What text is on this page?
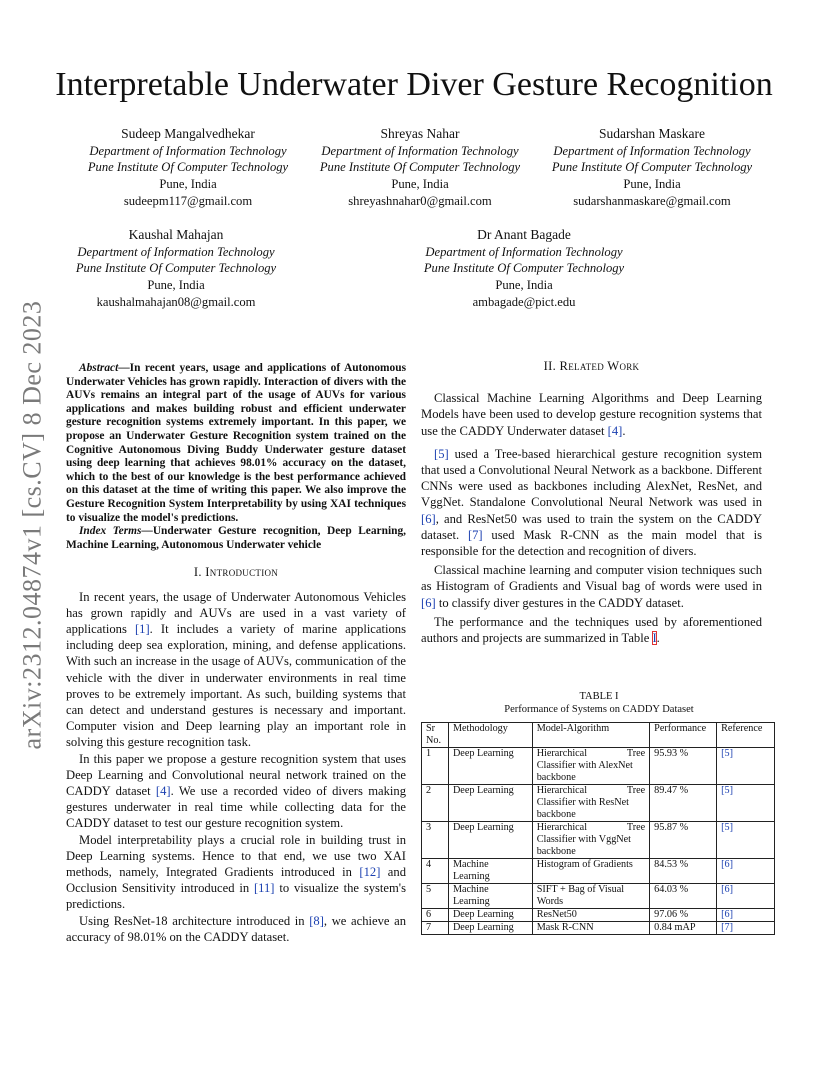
arXiv:2312.04874v1 [cs.CV] 8 Dec 2023
Interpretable Underwater Diver Gesture Recognition
Sudeep Mangalvedhekar
Department of Information Technology
Pune Institute Of Computer Technology
Pune, India
sudeepm117@gmail.com
Shreyas Nahar
Department of Information Technology
Pune Institute Of Computer Technology
Pune, India
shreyashnahar0@gmail.com
Sudarshan Maskare
Department of Information Technology
Pune Institute Of Computer Technology
Pune, India
sudarshanmaskare@gmail.com
Kaushal Mahajan
Department of Information Technology
Pune Institute Of Computer Technology
Pune, India
kaushalmahajan08@gmail.com
Dr Anant Bagade
Department of Information Technology
Pune Institute Of Computer Technology
Pune, India
ambagade@pict.edu

Abstract—In recent years, usage and applications of Autonomous Underwater Vehicles has grown rapidly. Interaction of divers with the AUVs remains an integral part of the usage of AUVs for various applications and makes building robust and efficient underwater gesture recognition systems extremely important. In this paper, we propose an Underwater Gesture Recognition system trained on the Cognitive Autonomous Diving Buddy Underwater gesture dataset using deep learning that achieves 98.01% accuracy on the dataset, which to the best of our knowledge is the best performance achieved on this dataset at the time of writing this paper. We also improve the Gesture Recognition System Interpretability by using XAI techniques to visualize the model's predictions.

Index Terms—Underwater Gesture recognition, Deep Learning, Machine Learning, Autonomous Underwater vehicle

I. Introduction

In recent years, the usage of Underwater Autonomous Vehicles has grown rapidly and AUVs are used in a vast variety of applications [1]. It includes a variety of marine applications including deep sea exploration, mining, and defense applications. With such an increase in the usage of AUVs, communication of the vehicle with the diver in underwater environments in real time proves to be extremely important. As such, building systems that can detect and understand gestures is necessary and important. Computer vision and Deep learning play an important role in solving this gesture recognition task.

In this paper we propose a gesture recognition system that uses Deep Learning and Convolutional neural network trained on the CADDY dataset [4]. We use a recorded video of divers making gestures underwater in real time while collecting data for the CADDY dataset to test our gesture recognition system.

Model interpretability plays a crucial role in building trust in Deep Learning systems. Hence to that end, we use two XAI methods, namely, Integrated Gradients introduced in [12] and Occlusion Sensitivity introduced in [11] to visualize the system's predictions.

Using ResNet-18 architecture introduced in [8], we achieve an accuracy of 98.01% on the CADDY dataset.

II. Related Work

Classical Machine Learning Algorithms and Deep Learning Models have been used to develop gesture recognition systems that use the CADDY Underwater dataset [4].

[5] used a Tree-based hierarchical gesture recognition system that used a Convolutional Neural Network as a backbone. Different CNNs were used as backbones including AlexNet, ResNet, and VggNet. Standalone Convolutional Neural Network was used in [6], and ResNet50 was used to train the system on the CADDY dataset. [7] used Mask R-CNN as the main model that is responsible for the detection and recognition of divers.

Classical machine learning and computer vision techniques such as Histogram of Gradients and Visual bag of words were used in [6] to classify diver gestures in the CADDY dataset.

The performance and the techniques used by aforementioned authors and projects are summarized in Table I.

TABLE I
Performance of Systems on CADDY Dataset
Sr No.	Methodology	Model-Algorithm	Performance	Reference
1	Deep Learning	Hierarchical Tree
Classifier with AlexNet backbone	95.93 %	[5]
2	Deep Learning	Hierarchical Tree
Classifier with ResNet backbone	89.47 %	[5]
3	Deep Learning	Hierarchical Tree
Classifier with VggNet backbone	95.87 %	[5]
4	Machine Learning	Histogram of Gradients	84.53 %	[6]
5	Machine Learning	SIFT + Bag of Visual Words	64.03 %	[6]
6	Deep Learning	ResNet50	97.06 %	[6]
7	Deep Learning	Mask R-CNN	0.84 mAP	[7]
